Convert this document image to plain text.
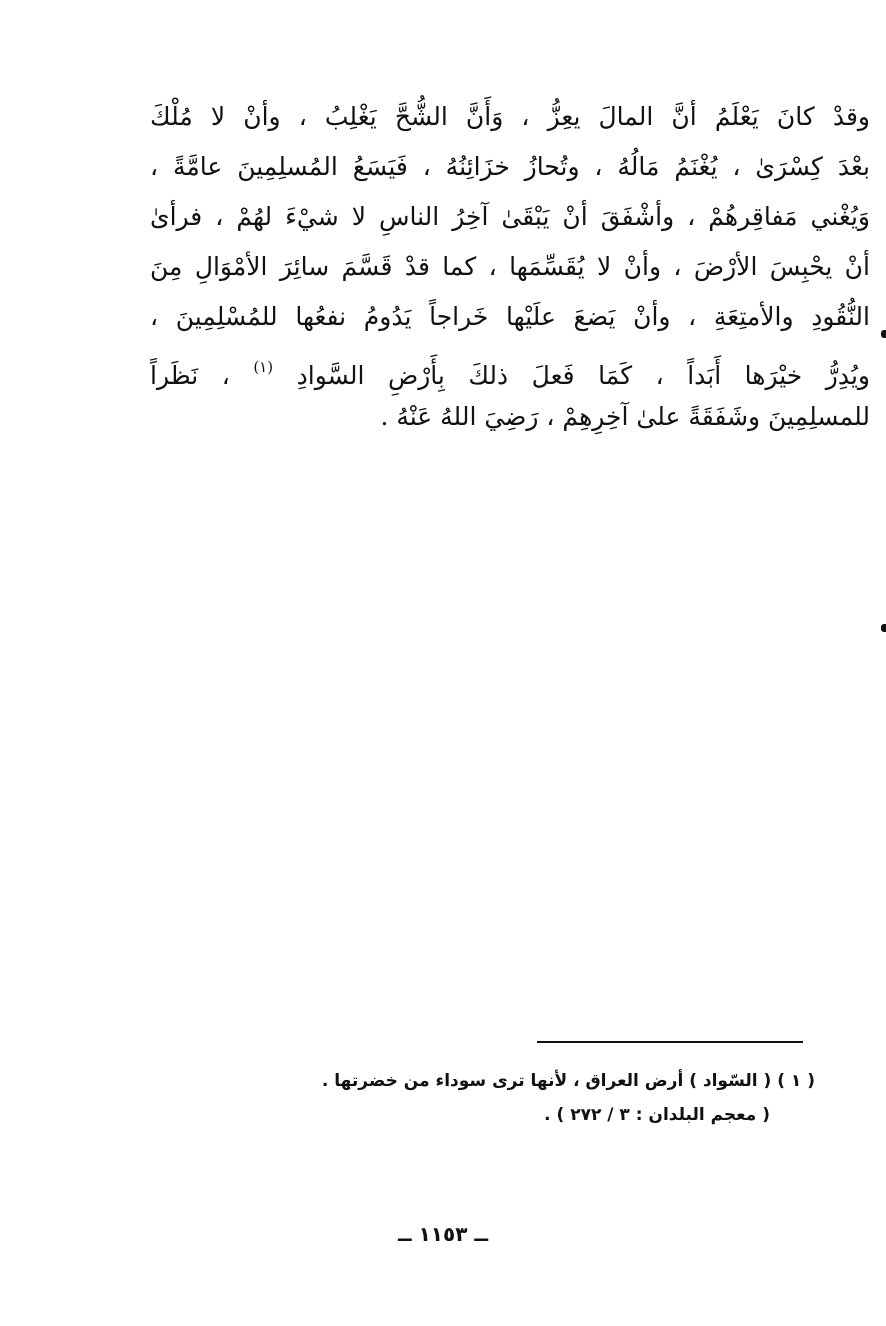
وقدْ كانَ يَعْلَمُ أنَّ المالَ يعِزُّ ، وَأَنَّ الشُّحَّ يَغْلِبُ ، وأنْ لا مُلْكَ
بعْدَ كِسْرَىٰ ، يُغْنَمُ مَالُهُ ، وتُحازُ خزَائِنُهُ ، فَيَسَعُ المُسلِمِينَ عامَّةً ،
وَيُغْني مَفاقِرهُمْ ، وأشْفَقَ أنْ يَبْقَىٰ آخِرُ الناسِ لا شيْءَ لهُمْ ، فرأىٰ
أنْ يحْبِسَ الأرْضَ ، وأنْ لا يُقَسِّمَها ، كما قدْ قَسَّمَ سائِرَ الأمْوَالِ مِنَ
النُّقُودِ والأمتِعَةِ ، وأنْ يَضعَ علَيْها خَراجاً يَدُومُ نفعُها للمُسْلِمِينَ ،
ويُدِرُّ خيْرَها أَبَداً ، كَمَا فَعلَ ذلكَ بِأَرْضِ السَّوادِ $^{(١)}$ ، نَظَراً
للمسلِمِينَ وشَفَقَةً علىٰ آخِرِهِمْ ، رَضِيَ اللهُ عَنْهُ .
( ١ ) ( السّواد ) أرض العراق ، لأنها ترى سوداء من خضرتها .
( معجم البلدان : ٣ / ٢٧٢ ) .
ــ ١١٥٣ ــ
